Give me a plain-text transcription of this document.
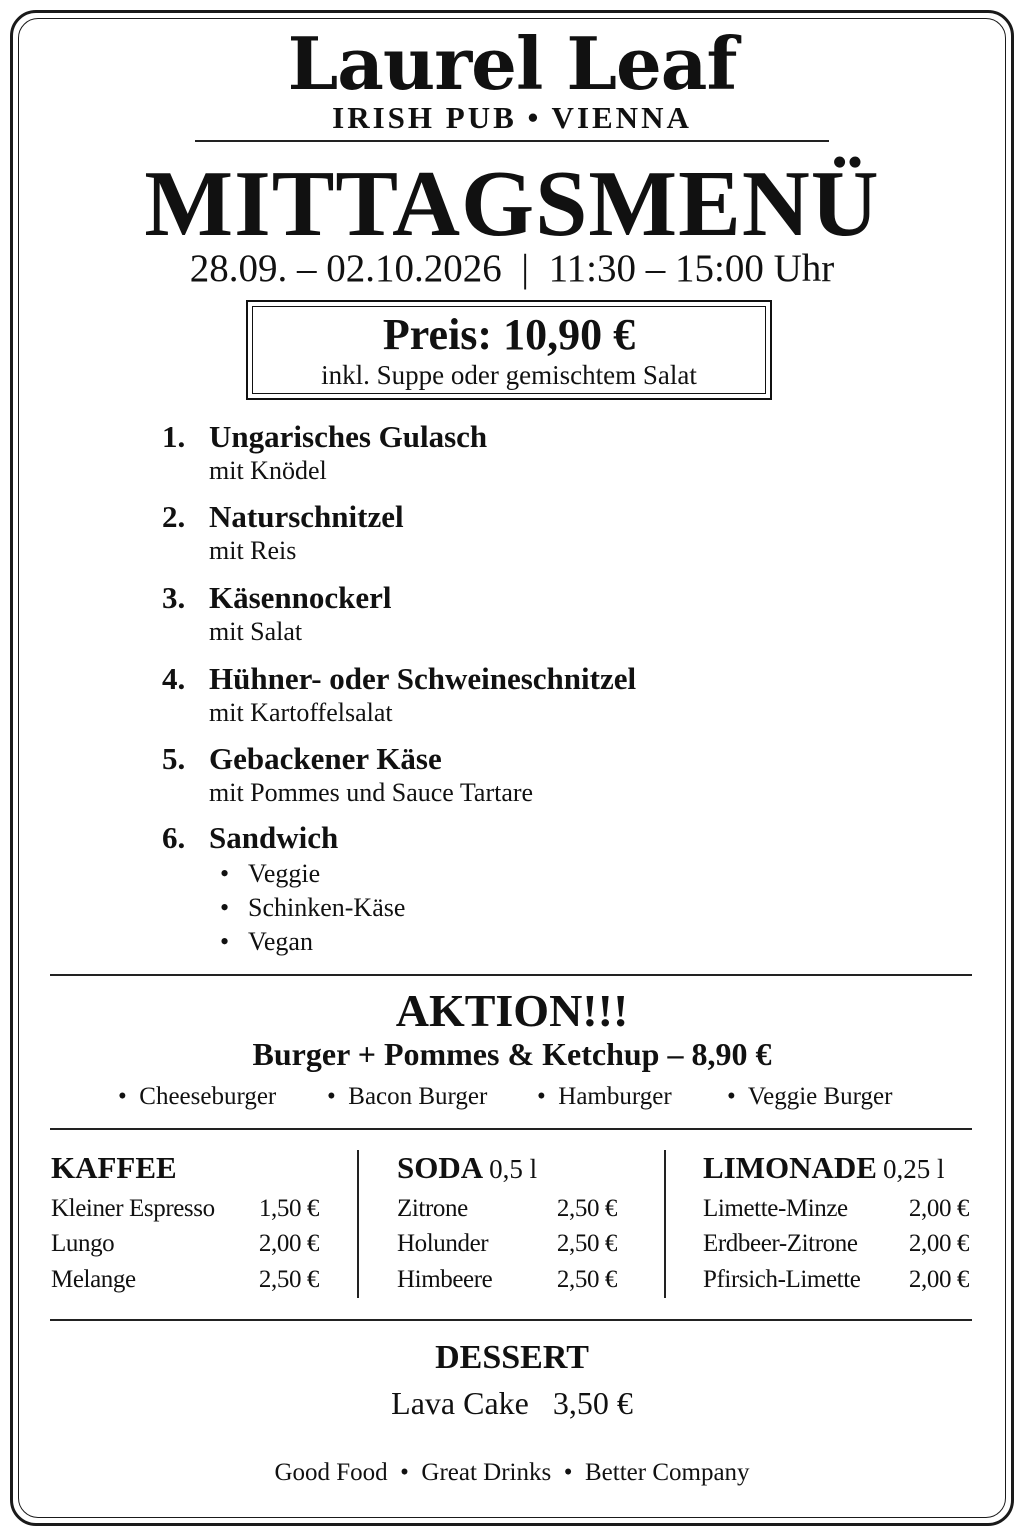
Laurel Leaf
IRISH PUB • VIENNA
MITTAGSMENÜ
28.09. – 02.10.2026  |  11:30 – 15:00 Uhr
Preis: 10,90 €
inkl. Suppe oder gemischtem Salat
1. Ungarisches Gulasch
mit Knödel
2. Naturschnitzel
mit Reis
3. Käsennockerl
mit Salat
4. Hühner- oder Schweineschnitzel
mit Kartoffelsalat
5. Gebackener Käse
mit Pommes und Sauce Tartare
6. Sandwich
• Veggie
• Schinken-Käse
• Vegan
AKTION!!!
Burger + Pommes & Ketchup – 8,90 €
• Cheeseburger • Bacon Burger • Hamburger • Veggie Burger
KAFFEE
Kleiner Espresso 1,50 €
Lungo	2,00 €
Melange	2,50 €
SODA 0,5 l
Zitrone	2,50 €
Holunder	2,50 €
Himbeere	2,50 €
LIMONADE 0,25 l
Limette-Minze 2,00 €
Erdbeer-Zitrone 2,00 €
Pfirsich-Limette 2,00 €
DESSERT
Lava Cake   3,50 €
Good Food  •  Great Drinks  •  Better Company
